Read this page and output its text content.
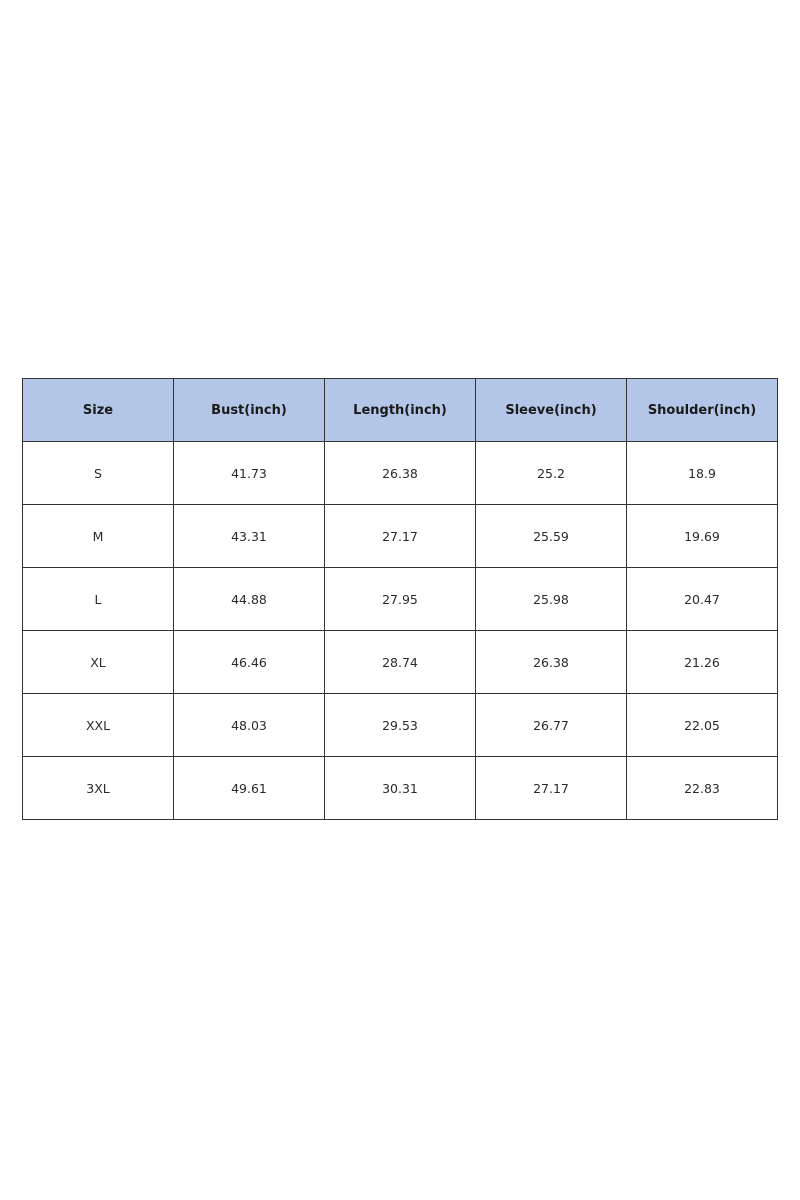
Size	Bust(inch)	Length(inch)	Sleeve(inch)	Shoulder(inch)
S	41.73	26.38	25.2	18.9
M	43.31	27.17	25.59	19.69
L	44.88	27.95	25.98	20.47
XL	46.46	28.74	26.38	21.26
XXL	48.03	29.53	26.77	22.05
3XL	49.61	30.31	27.17	22.83
